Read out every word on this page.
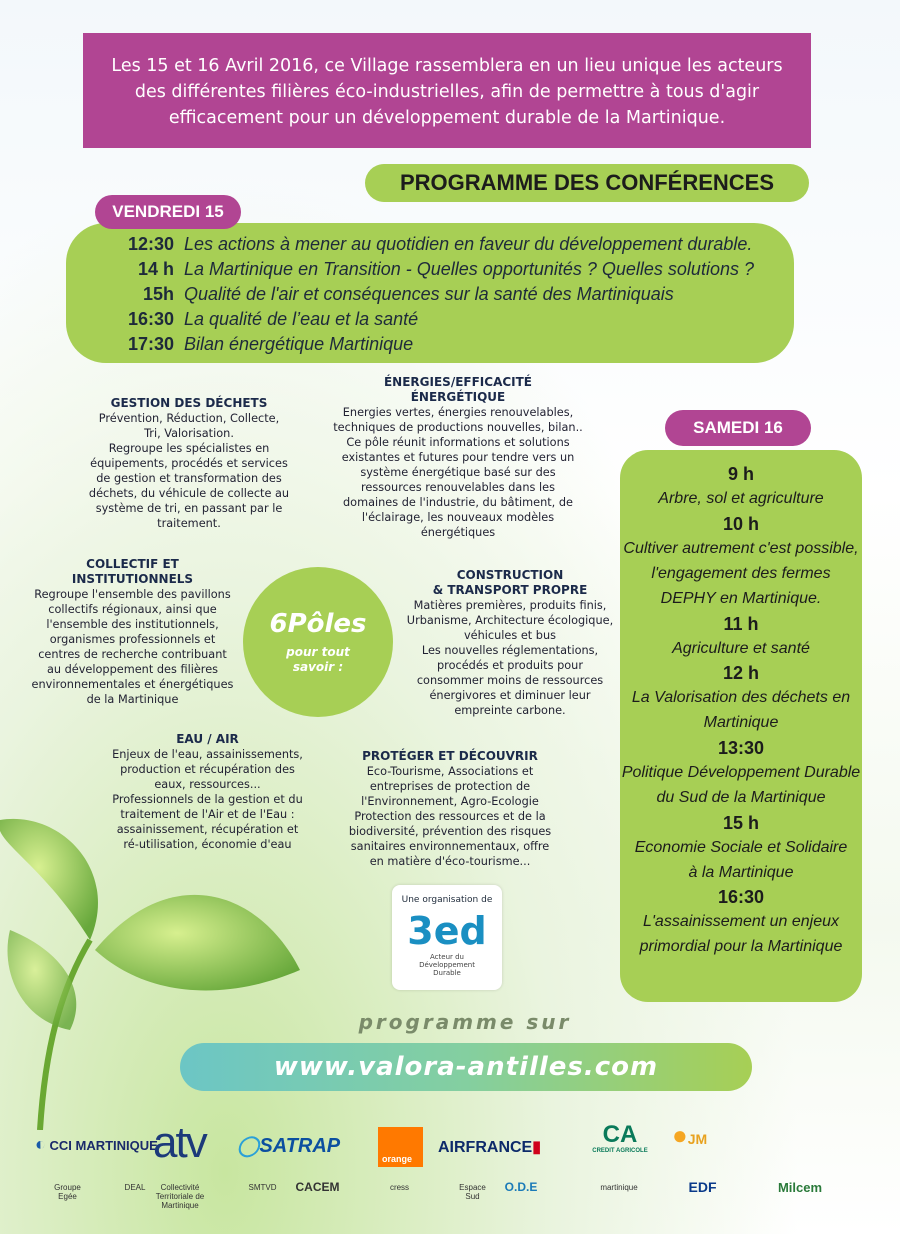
Les 15 et 16 Avril 2016, ce Village rassemblera en un lieu unique les acteurs
des différentes filières éco-industrielles, afin de permettre à tous d'agir
efficacement pour un développement durable de la Martinique.
PROGRAMME DES CONFÉRENCES
VENDREDI 15
12:30 Les actions à mener au quotidien en faveur du développement durable.
14 h La Martinique en Transition - Quelles opportunités ? Quelles solutions ?
15h Qualité de l'air et conséquences sur la santé des Martiniquais
16:30 La qualité de l’eau et la santé
17:30 Bilan énergétique Martinique
GESTION DES DÉCHETS
Prévention, Réduction, Collecte,
Tri, Valorisation.
Regroupe les spécialistes en
équipements, procédés et services
de gestion et transformation des
déchets, du véhicule de collecte au
système de tri, en passant par le
traitement.
ÉNERGIES/EFFICACITÉ
ÉNERGÉTIQUE
Energies vertes, énergies renouvelables,
techniques de productions nouvelles, bilan..
Ce pôle réunit informations et solutions
existantes et futures pour tendre vers un
système énergétique basé sur des
ressources renouvelables dans les
domaines de l'industrie, du bâtiment, de
l'éclairage, les nouveaux modèles
énergétiques
COLLECTIF ET
INSTITUTIONNELS
Regroupe l'ensemble des pavillons
collectifs régionaux, ainsi que
l'ensemble des institutionnels,
organismes professionnels et
centres de recherche contribuant
au développement des filières
environnementales et énergétiques
de la Martinique
6Pôles
pour tout
savoir :
CONSTRUCTION
& TRANSPORT PROPRE
Matières premières, produits finis,
Urbanisme, Architecture écologique,
véhicules et bus
Les nouvelles réglementations,
procédés et produits pour
consommer moins de ressources
énergivores et diminuer leur
empreinte carbone.
EAU / AIR
Enjeux de l'eau, assainissements,
production et récupération des
eaux, ressources...
Professionnels de la gestion et du
traitement de l'Air et de l'Eau :
assainissement, récupération et
ré-utilisation, économie d'eau
PROTÉGER ET DÉCOUVRIR
Eco-Tourisme, Associations et
entreprises de protection de
l'Environnement, Agro-Ecologie
Protection des ressources et de la
biodiversité, prévention des risques
sanitaires environnementaux, offre
en matière d'éco-tourisme...
SAMEDI 16
9 h
Arbre, sol et agriculture
10 h
Cultiver autrement c'est possible,
l'engagement des fermes
DEPHY en Martinique.
11 h
Agriculture et santé
12 h
La Valorisation des déchets en
Martinique
13:30
Politique Développement Durable
du Sud de la Martinique
15 h
Economie Sociale et Solidaire
à la Martinique
16:30
L'assainissement un enjeux
primordial pour la Martinique
Une organisation de
3ed
Acteur du
Développement
Durable
programme sur
www.valora-antilles.com
◐ CCI MARTINIQUE
atv ◯SATRAP
orange
AIRFRANCE▮	CA
CREDIT AGRICOLE
●JM
Groupe Egée
DEAL	Collectivité Territoriale de Martinique
SMTVD	CACEM	cress	Espace Sud
O.D.E	martinique	EDF	Milcem
